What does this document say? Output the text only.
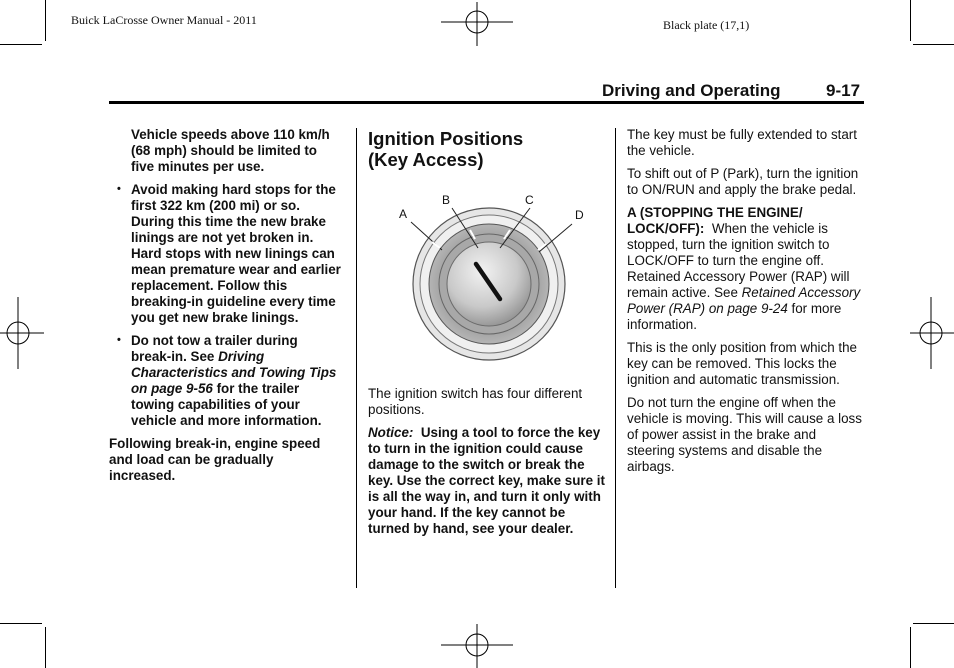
Buick LaCrosse Owner Manual - 2011	Black plate (17,1)
Driving and Operating	9-17

Vehicle speeds above 110 km/h (68 mph) should be limited to five minutes per use.

• Avoid making hard stops for the first 322 km (200 mi) or so. During this time the new brake linings are not yet broken in. Hard stops with new linings can mean premature wear and earlier replacement. Follow this breaking-in guideline every time you get new brake linings.
• Do not tow a trailer during break-in. See Driving Characteristics and Towing Tips on page 9-56 for the trailer towing capabilities of your vehicle and more information.

Following break-in, engine speed and load can be gradually increased.

Ignition Positions
(Key Access)
A
B	C
D

The ignition switch has four different positions.

Notice: Using a tool to force the key to turn in the ignition could cause damage to the switch or break the key. Use the correct key, make sure it is all the way in, and turn it only with your hand. If the key cannot be turned by hand, see your dealer.

The key must be fully extended to start the vehicle.

To shift out of P (Park), turn the ignition to ON/RUN and apply the brake pedal.

A (STOPPING THE ENGINE/ LOCK/OFF): When the vehicle is stopped, turn the ignition switch to LOCK/OFF to turn the engine off. Retained Accessory Power (RAP) will remain active. See Retained Accessory Power (RAP) on page 9-24 for more information.

This is the only position from which the key can be removed. This locks the ignition and automatic transmission.

Do not turn the engine off when the vehicle is moving. This will cause a loss of power assist in the brake and steering systems and disable the airbags.
